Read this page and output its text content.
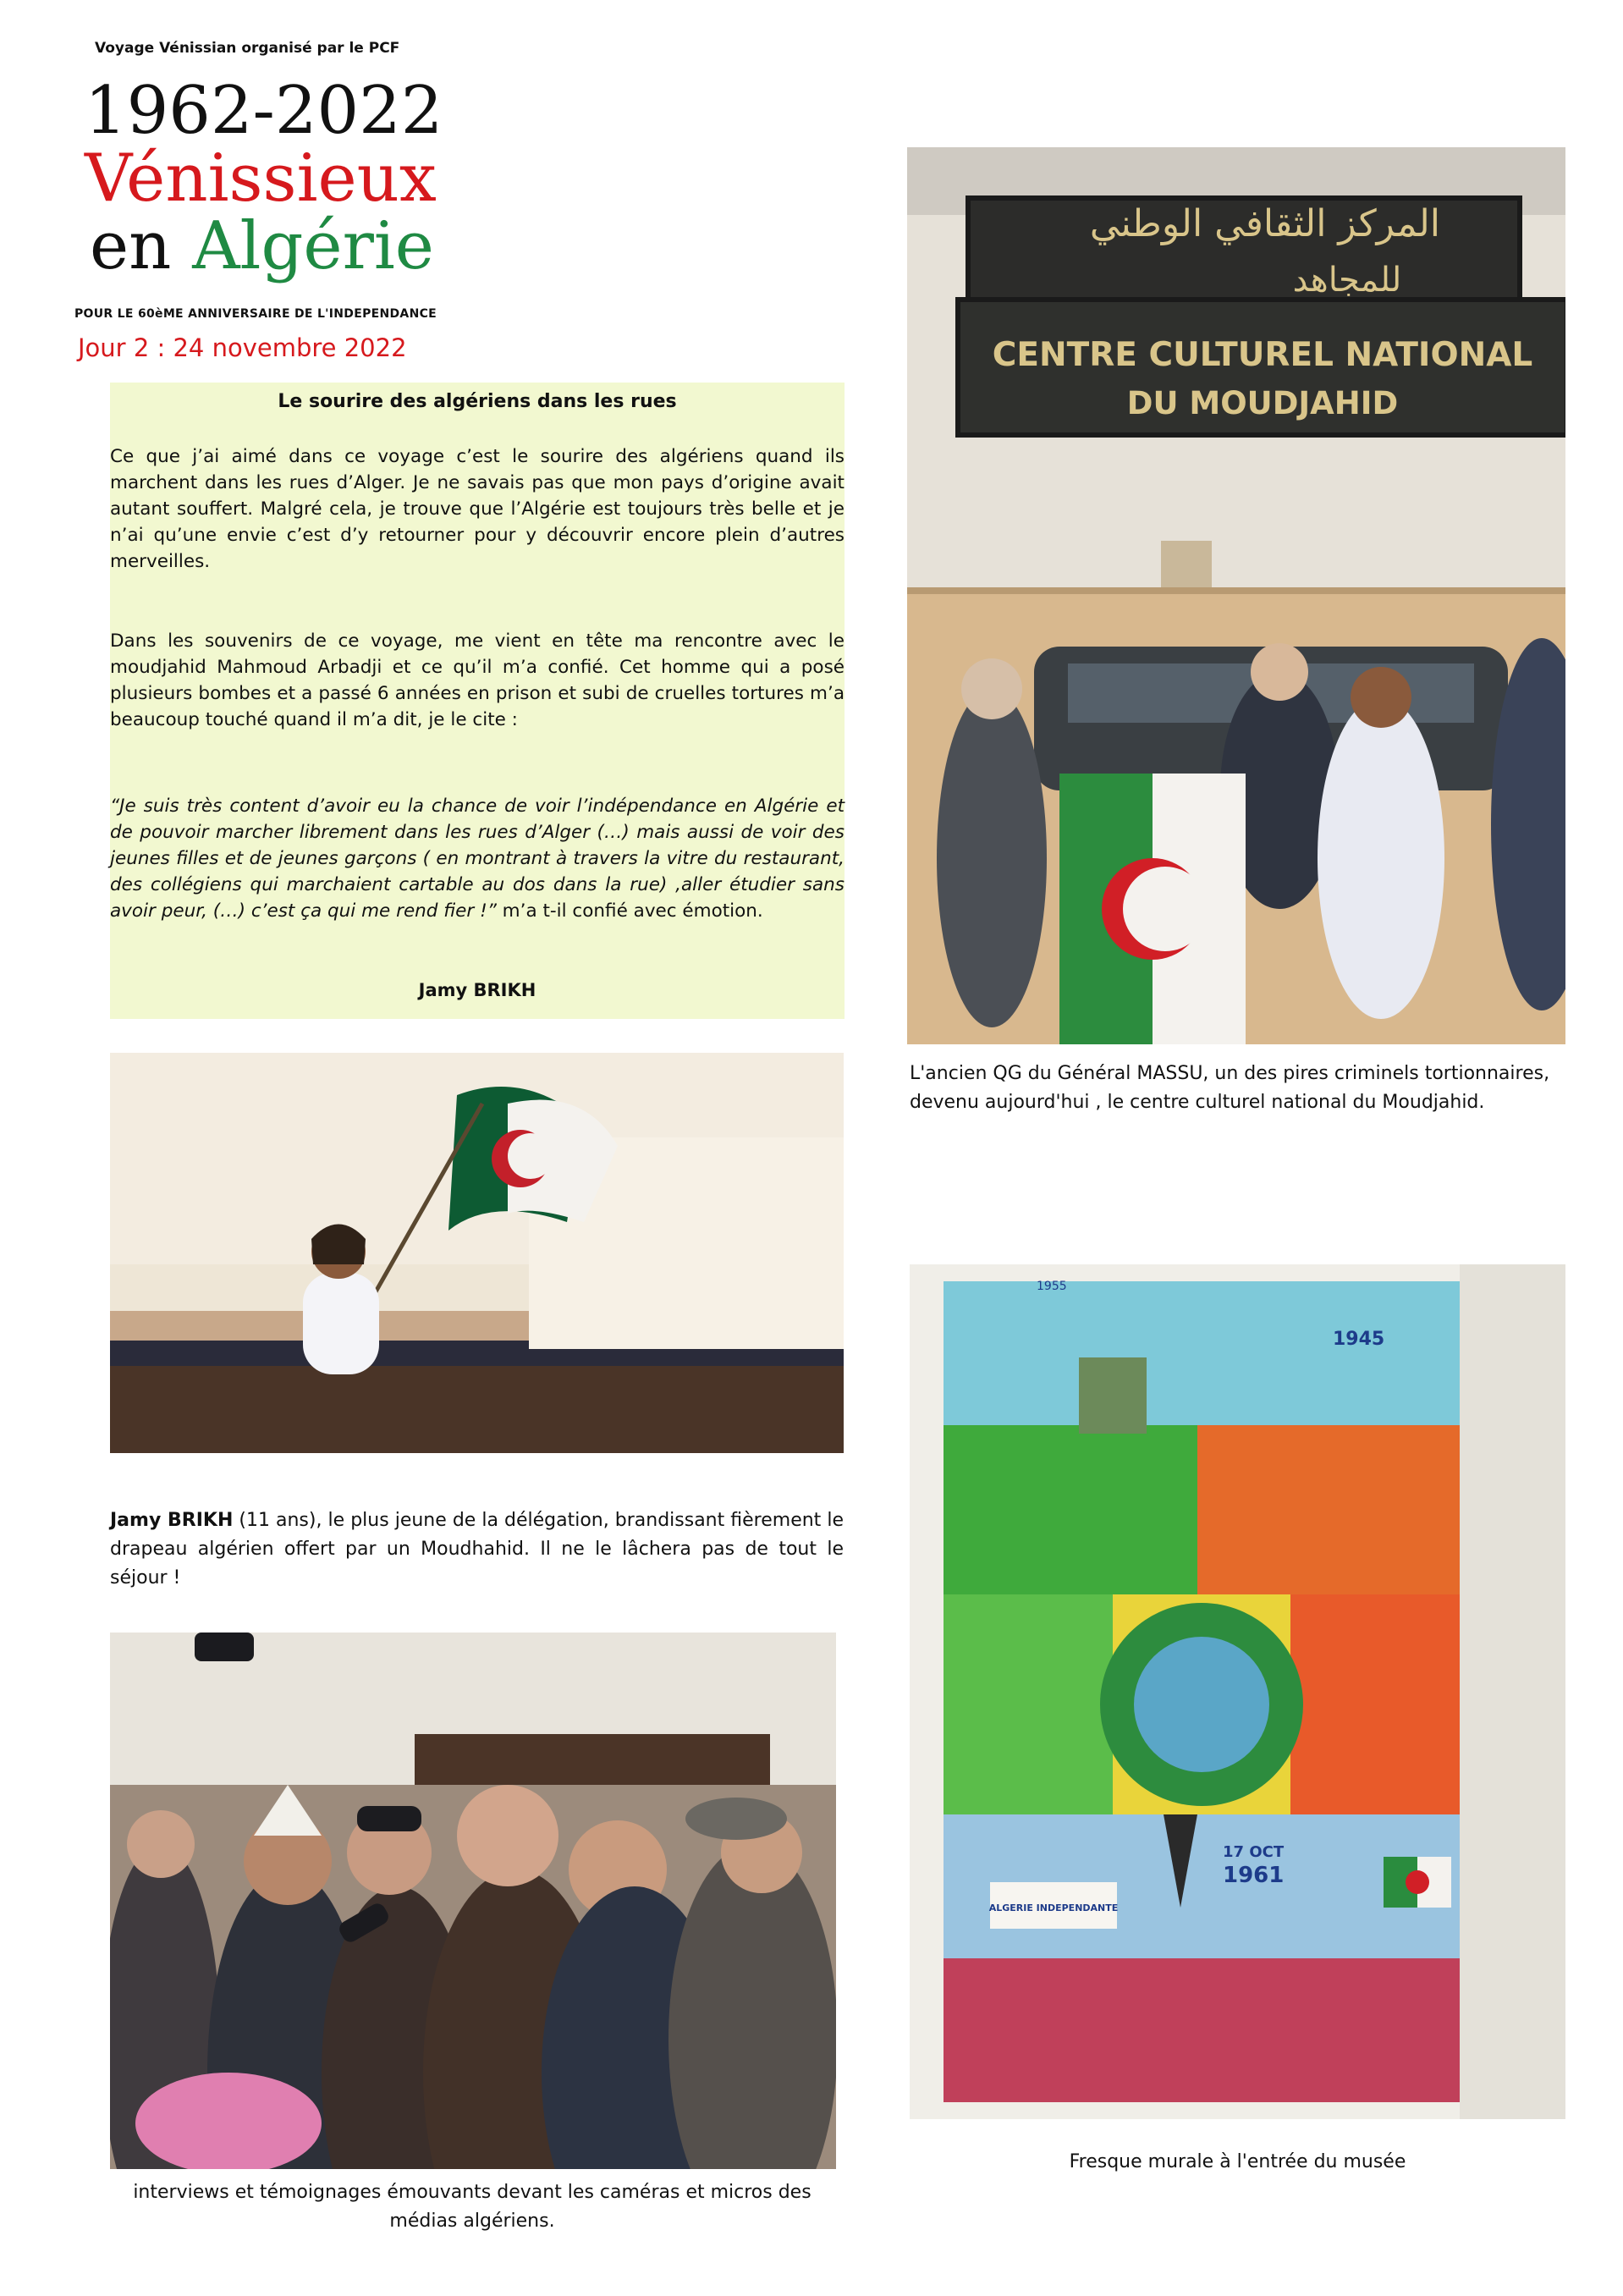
Voyage Vénissian organisé par le PCF
1962-2022
Vénissieux
en Algérie
POUR LE 60èME ANNIVERSAIRE DE L'INDEPENDANCE
Jour 2 : 24 novembre 2022
Le sourire des algériens dans les rues

Ce que j’ai aimé dans ce voyage c’est le sourire des algériens quand ils marchent dans les rues d’Alger. Je ne savais pas que mon pays d’origine avait autant souffert. Malgré cela, je trouve que l’Algérie est toujours très belle et je n’ai qu’une envie c’est d’y retourner pour y découvrir encore plein d’autres merveilles.

Dans les souvenirs de ce voyage, me vient en tête ma rencontre avec le moudjahid Mahmoud Arbadji et ce qu’il m’a confié. Cet homme qui a posé plusieurs bombes et a passé 6 années en prison et subi de cruelles tortures m’a beaucoup touché quand il m’a dit, je le cite :

“Je suis très content d’avoir eu la chance de voir l’indépendance en Algérie et de pouvoir marcher librement dans les rues d’Alger (…) mais aussi de voir des jeunes filles et de jeunes garçons ( en montrant à travers la vitre du restaurant, des collégiens qui marchaient cartable au dos dans la rue) ,aller étudier sans avoir peur, (…) c’est ça qui me rend fier !” m’a t-il confié avec émotion.

Jamy BRIKH
المركز الثقافي الوطني
للمجاهد
CENTRE CULTUREL NATIONAL
DU MOUDJAHID
1955
1945
17 OCT
1961
ALGERIE INDEPENDANTE
L'ancien QG du Général MASSU, un des pires criminels tortionnaires, devenu aujourd'hui , le centre culturel national du Moudjahid.
Jamy BRIKH (11 ans), le plus jeune de la délégation, brandissant fièrement le drapeau algérien offert par un Moudhahid. Il ne le lâchera pas de tout le séjour !
interviews et témoignages émouvants devant les caméras et micros des médias algériens.
Fresque murale à l'entrée du musée
